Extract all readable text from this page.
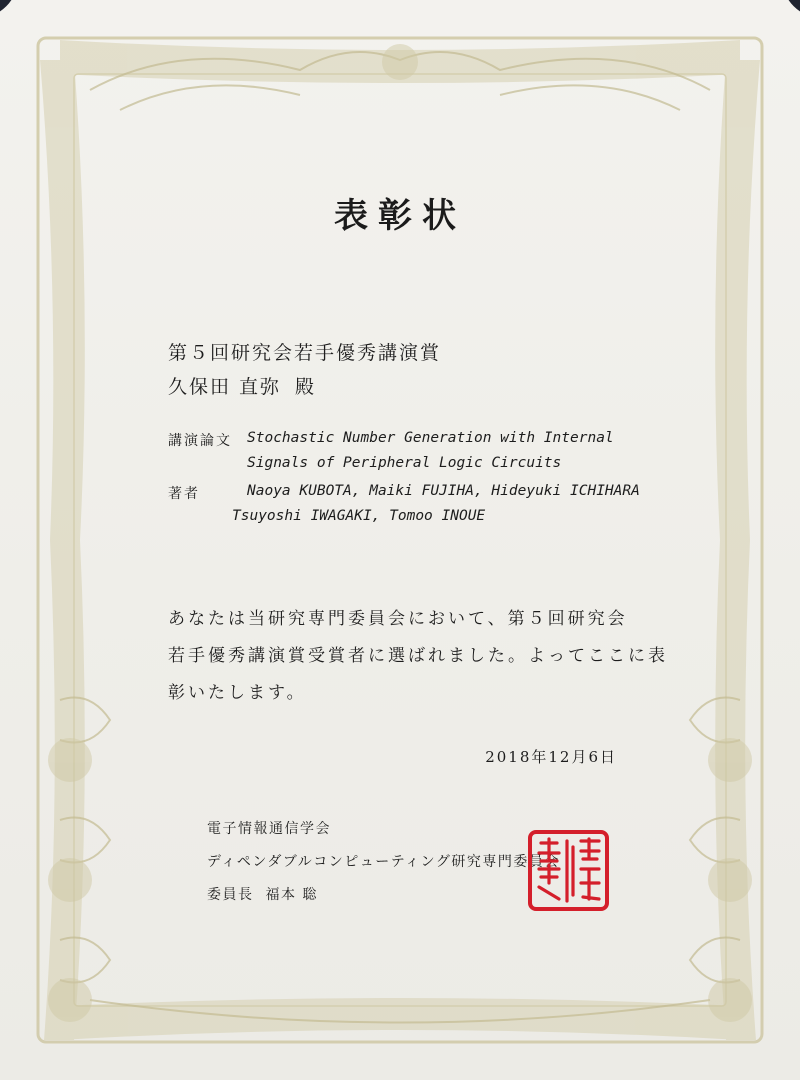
表彰状
第５回研究会若手優秀講演賞
久保田 直弥 殿
講演論文 Stochastic Number Generation with Internal
Signals of Peripheral Logic Circuits
著者	Naoya KUBOTA, Maiki FUJIHA, Hideyuki ICHIHARA
Tsuyoshi IWAGAKI, Tomoo INOUE
あなたは当研究専門委員会において、第５回研究会
若手優秀講演賞受賞者に選ばれました。よってここに表
彰いたします。
2018年12月6日
電子情報通信学会
ディペンダブルコンピューティング研究専門委員会
委員長 福本 聡
